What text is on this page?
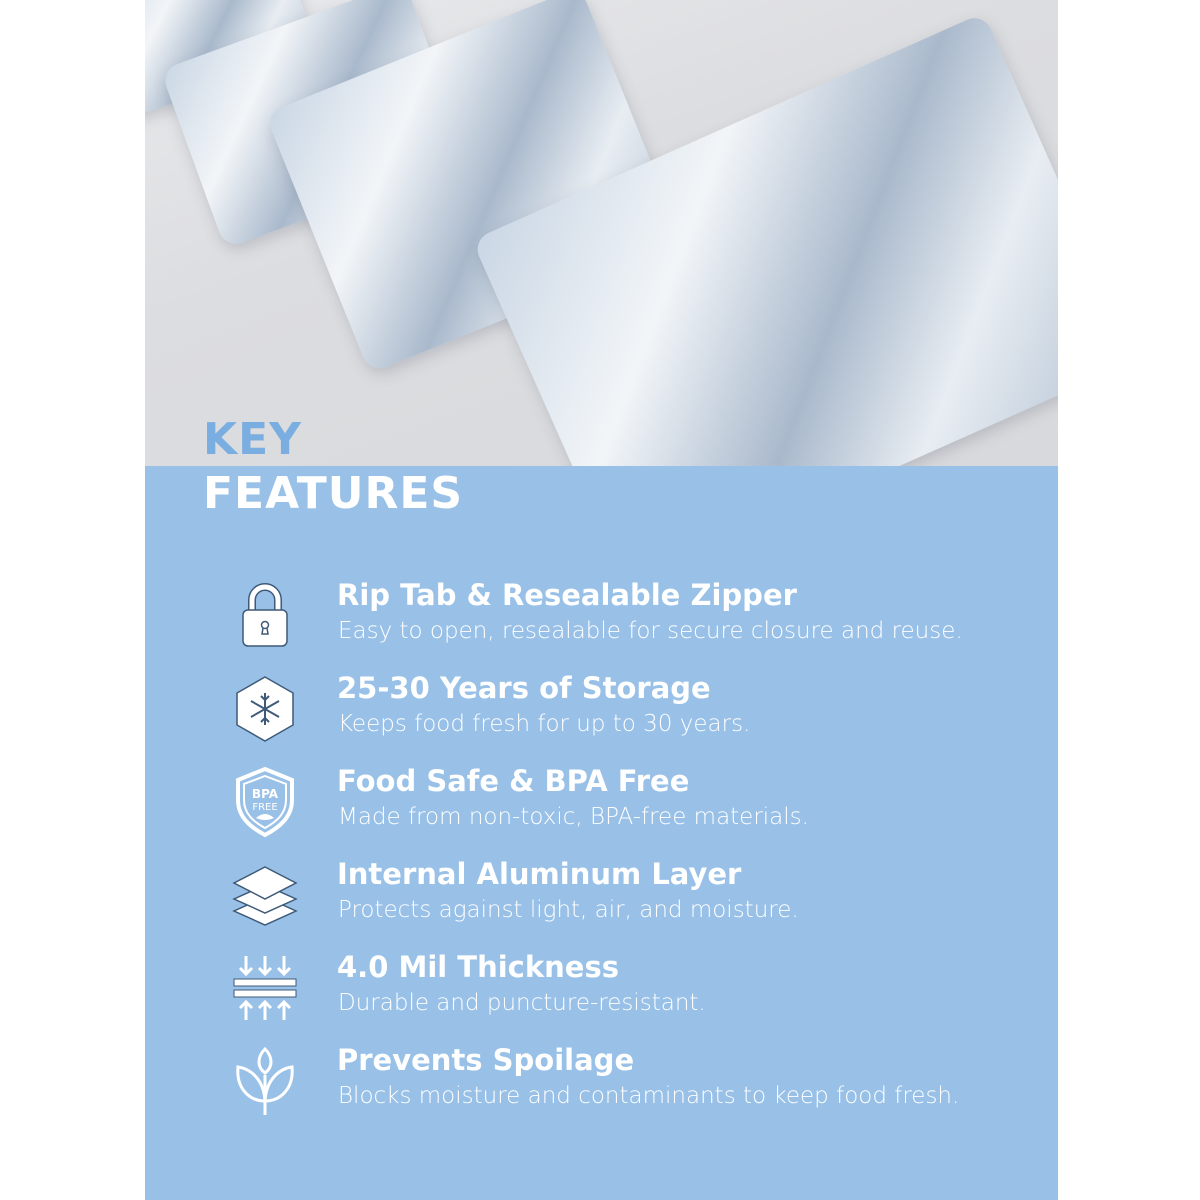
KEY
FEATURES
Rip Tab & Resealable Zipper
Easy to open, resealable for secure closure and reuse.
25-30 Years of Storage
Keeps food fresh for up to 30 years.
BPA
FREE
Food Safe & BPA Free
Made from non-toxic, BPA-free materials.
Internal Aluminum Layer
Protects against light, air, and moisture.
4.0 Mil Thickness
Durable and puncture-resistant.
Prevents Spoilage
Blocks moisture and contaminants to keep food fresh.
